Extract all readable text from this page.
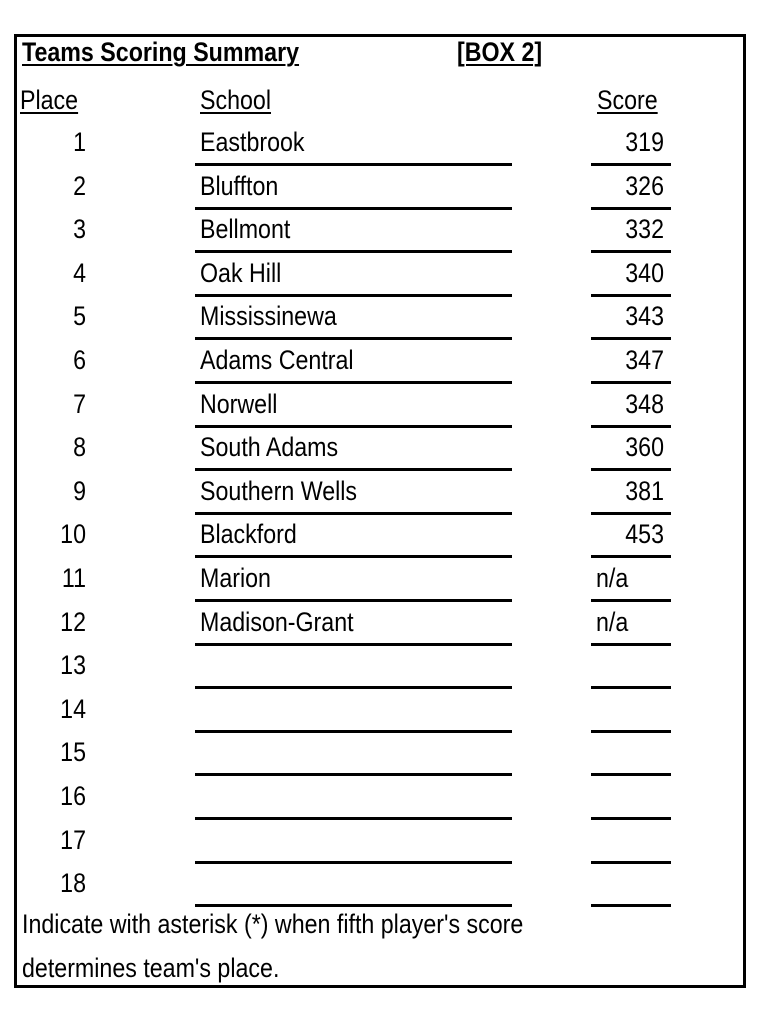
Teams Scoring Summary	[BOX 2]
Place	School	Score
1	Eastbrook	319
2	Bluffton	326
3	Bellmont	332
4	Oak Hill	340
5	Mississinewa	343
6	Adams Central	347
7	Norwell	348
8	South Adams	360
9	Southern Wells	381
10	Blackford	453
11	Marion	n/a
12	Madison-Grant	n/a
13
14
15
16
17
18
Indicate with asterisk (*) when fifth player's score
determines team's place.
